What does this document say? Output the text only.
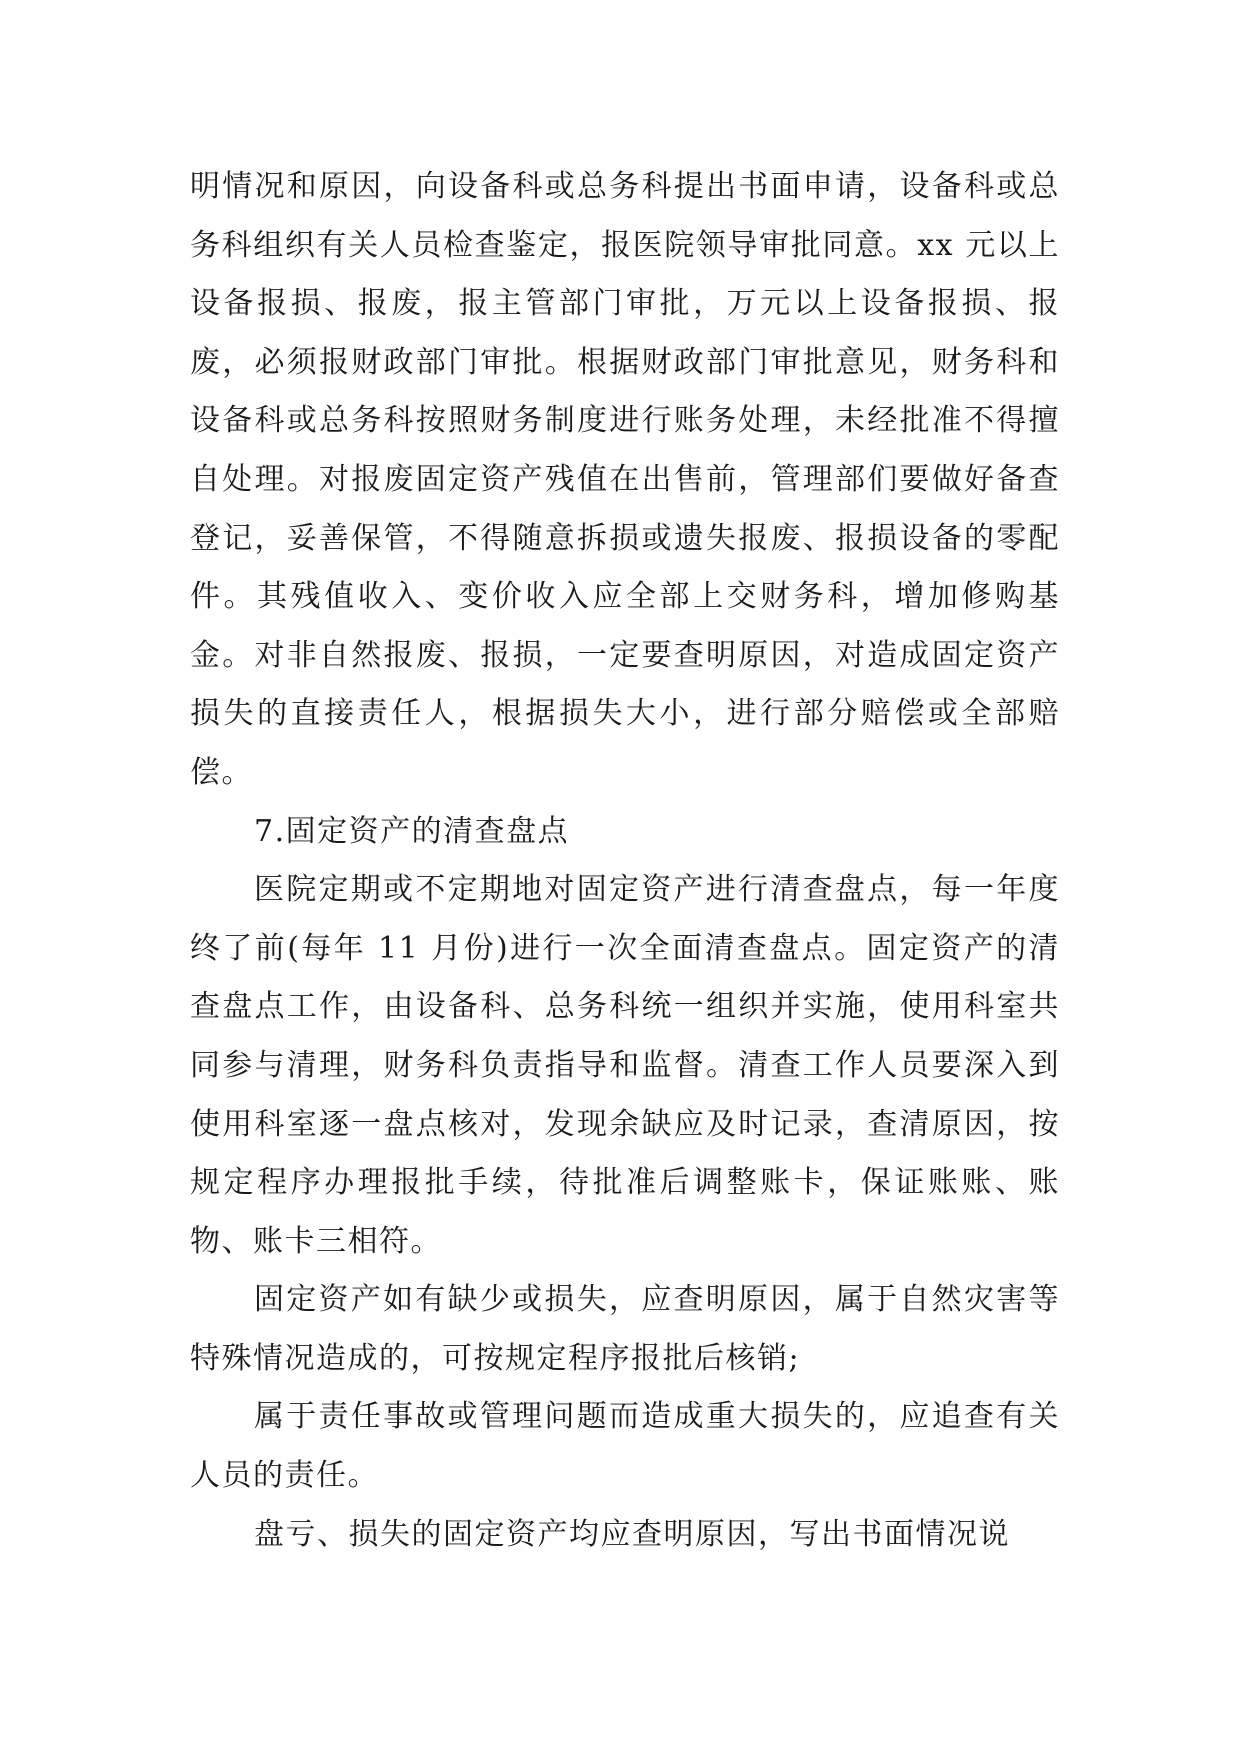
明情况和原因，向设备科或总务科提出书面申请，设备科或总务科组织有关人员检查鉴定，报医院领导审批同意。xx 元以上设备报损、报废，报主管部门审批，万元以上设备报损、报废，必须报财政部门审批。根据财政部门审批意见，财务科和设备科或总务科按照财务制度进行账务处理，未经批准不得擅自处理。对报废固定资产残值在出售前，管理部们要做好备查登记，妥善保管，不得随意拆损或遗失报废、报损设备的零配件。其残值收入、变价收入应全部上交财务科，增加修购基金。对非自然报废、报损，一定要查明原因，对造成固定资产损失的直接责任人，根据损失大小，进行部分赔偿或全部赔偿。

7.固定资产的清查盘点

医院定期或不定期地对固定资产进行清查盘点，每一年度终了前(每年 11 月份)进行一次全面清查盘点。固定资产的清查盘点工作，由设备科、总务科统一组织并实施，使用科室共同参与清理，财务科负责指导和监督。清查工作人员要深入到使用科室逐一盘点核对，发现余缺应及时记录，查清原因，按规定程序办理报批手续，待批准后调整账卡，保证账账、账物、账卡三相符。

固定资产如有缺少或损失，应查明原因，属于自然灾害等特殊情况造成的，可按规定程序报批后核销;

属于责任事故或管理问题而造成重大损失的，应追查有关人员的责任。

盘亏、损失的固定资产均应查明原因，写出书面情况说
